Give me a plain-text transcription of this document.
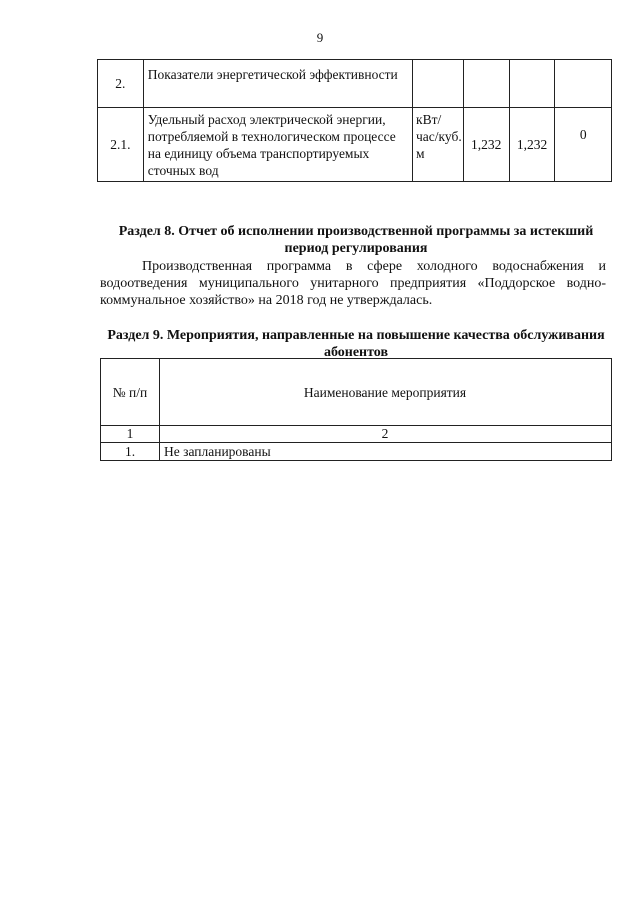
9
2.	Показатели энергетической эффективности				
2.1.	Удельный расход электрической энергии, потребляемой в технологическом процессе на единицу объема транспортируемых сточных вод	кВт/час/куб. м	1,232	1,232	0
Раздел 8. Отчет об исполнении производственной программы за истекший период регулирования
Производственная программа в сфере холодного водоснабжения и водоотведения муниципального унитарного предприятия «Поддорское водно-коммунальное хозяйство» на 2018 год не утверждалась.
Раздел 9. Мероприятия, направленные на повышение качества обслуживания абонентов
№ п/п	Наименование мероприятия
1	2
1.	Не запланированы
